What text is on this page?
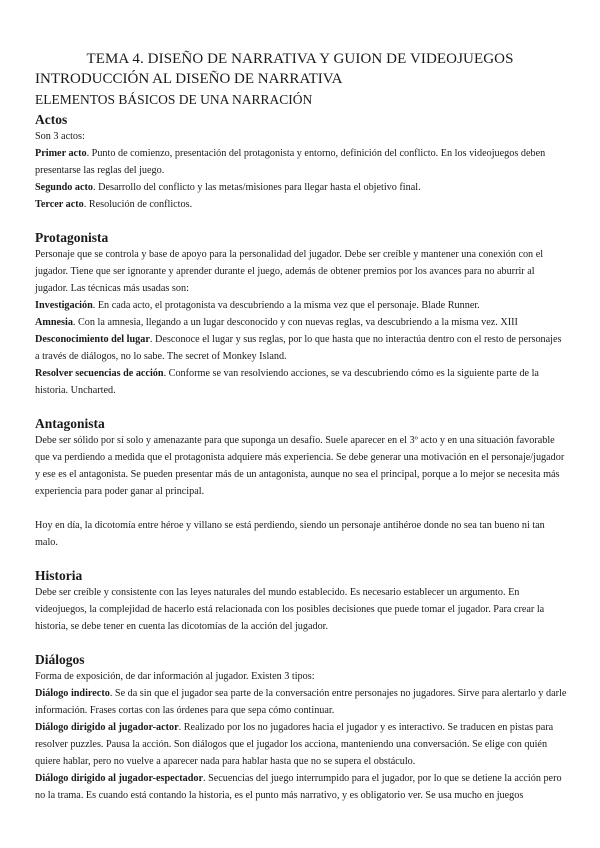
TEMA 4. DISEÑO DE NARRATIVA Y GUION DE VIDEOJUEGOS
INTRODUCCIÓN AL DISEÑO DE NARRATIVA
ELEMENTOS BÁSICOS DE UNA NARRACIÓN
Actos

Son 3 actos:

Primer acto. Punto de comienzo, presentación del protagonista y entorno, definición del conflicto. En los videojuegos deben presentarse las reglas del juego.

Segundo acto. Desarrollo del conflicto y las metas/misiones para llegar hasta el objetivo final.

Tercer acto. Resolución de conflictos.

Protagonista

Personaje que se controla y base de apoyo para la personalidad del jugador. Debe ser creíble y mantener una conexión con el jugador. Tiene que ser ignorante y aprender durante el juego, además de obtener premios por los avances para no aburrir al jugador. Las técnicas más usadas son:

Investigación. En cada acto, el protagonista va descubriendo a la misma vez que el personaje. Blade Runner.

Amnesia. Con la amnesia, llegando a un lugar desconocido y con nuevas reglas, va descubriendo a la misma vez. XIII

Desconocimiento del lugar. Desconoce el lugar y sus reglas, por lo que hasta que no interactúa dentro con el resto de personajes a través de diálogos, no lo sabe. The secret of Monkey Island.

Resolver secuencias de acción. Conforme se van resolviendo acciones, se va descubriendo cómo es la siguiente parte de la historia. Uncharted.

Antagonista

Debe ser sólido por sí solo y amenazante para que suponga un desafío. Suele aparecer en el 3º acto y en una situación favorable que va perdiendo a medida que el protagonista adquiere más experiencia. Se debe generar una motivación en el personaje/jugador y ese es el antagonista. Se pueden presentar más de un antagonista, aunque no sea el principal, porque a lo mejor se necesita más experiencia para poder ganar al principal.

Hoy en día, la dicotomía entre héroe y villano se está perdiendo, siendo un personaje antihéroe donde no sea tan bueno ni tan malo.

Historia

Debe ser creíble y consistente con las leyes naturales del mundo establecido. Es necesario establecer un argumento. En videojuegos, la complejidad de hacerlo está relacionada con los posibles decisiones que puede tomar el jugador. Para crear la historia, se debe tener en cuenta las dicotomías de la acción del jugador.

Diálogos

Forma de exposición, de dar información al jugador. Existen 3 tipos:

Diálogo indirecto. Se da sin que el jugador sea parte de la conversación entre personajes no jugadores. Sirve para alertarlo y darle información. Frases cortas con las órdenes para que sepa cómo continuar.

Diálogo dirigido al jugador-actor. Realizado por los no jugadores hacia el jugador y es interactivo. Se traducen en pistas para resolver puzzles. Pausa la acción. Son diálogos que el jugador los acciona, manteniendo una conversación. Se elige con quién quiere hablar, pero no vuelve a aparecer nada para hablar hasta que no se supera el obstáculo.

Diálogo dirigido al jugador-espectador. Secuencias del juego interrumpido para el jugador, por lo que se detiene la acción pero no la trama. Es cuando está contando la historia, es el punto más narrativo, y es obligatorio ver. Se usa mucho en juegos
